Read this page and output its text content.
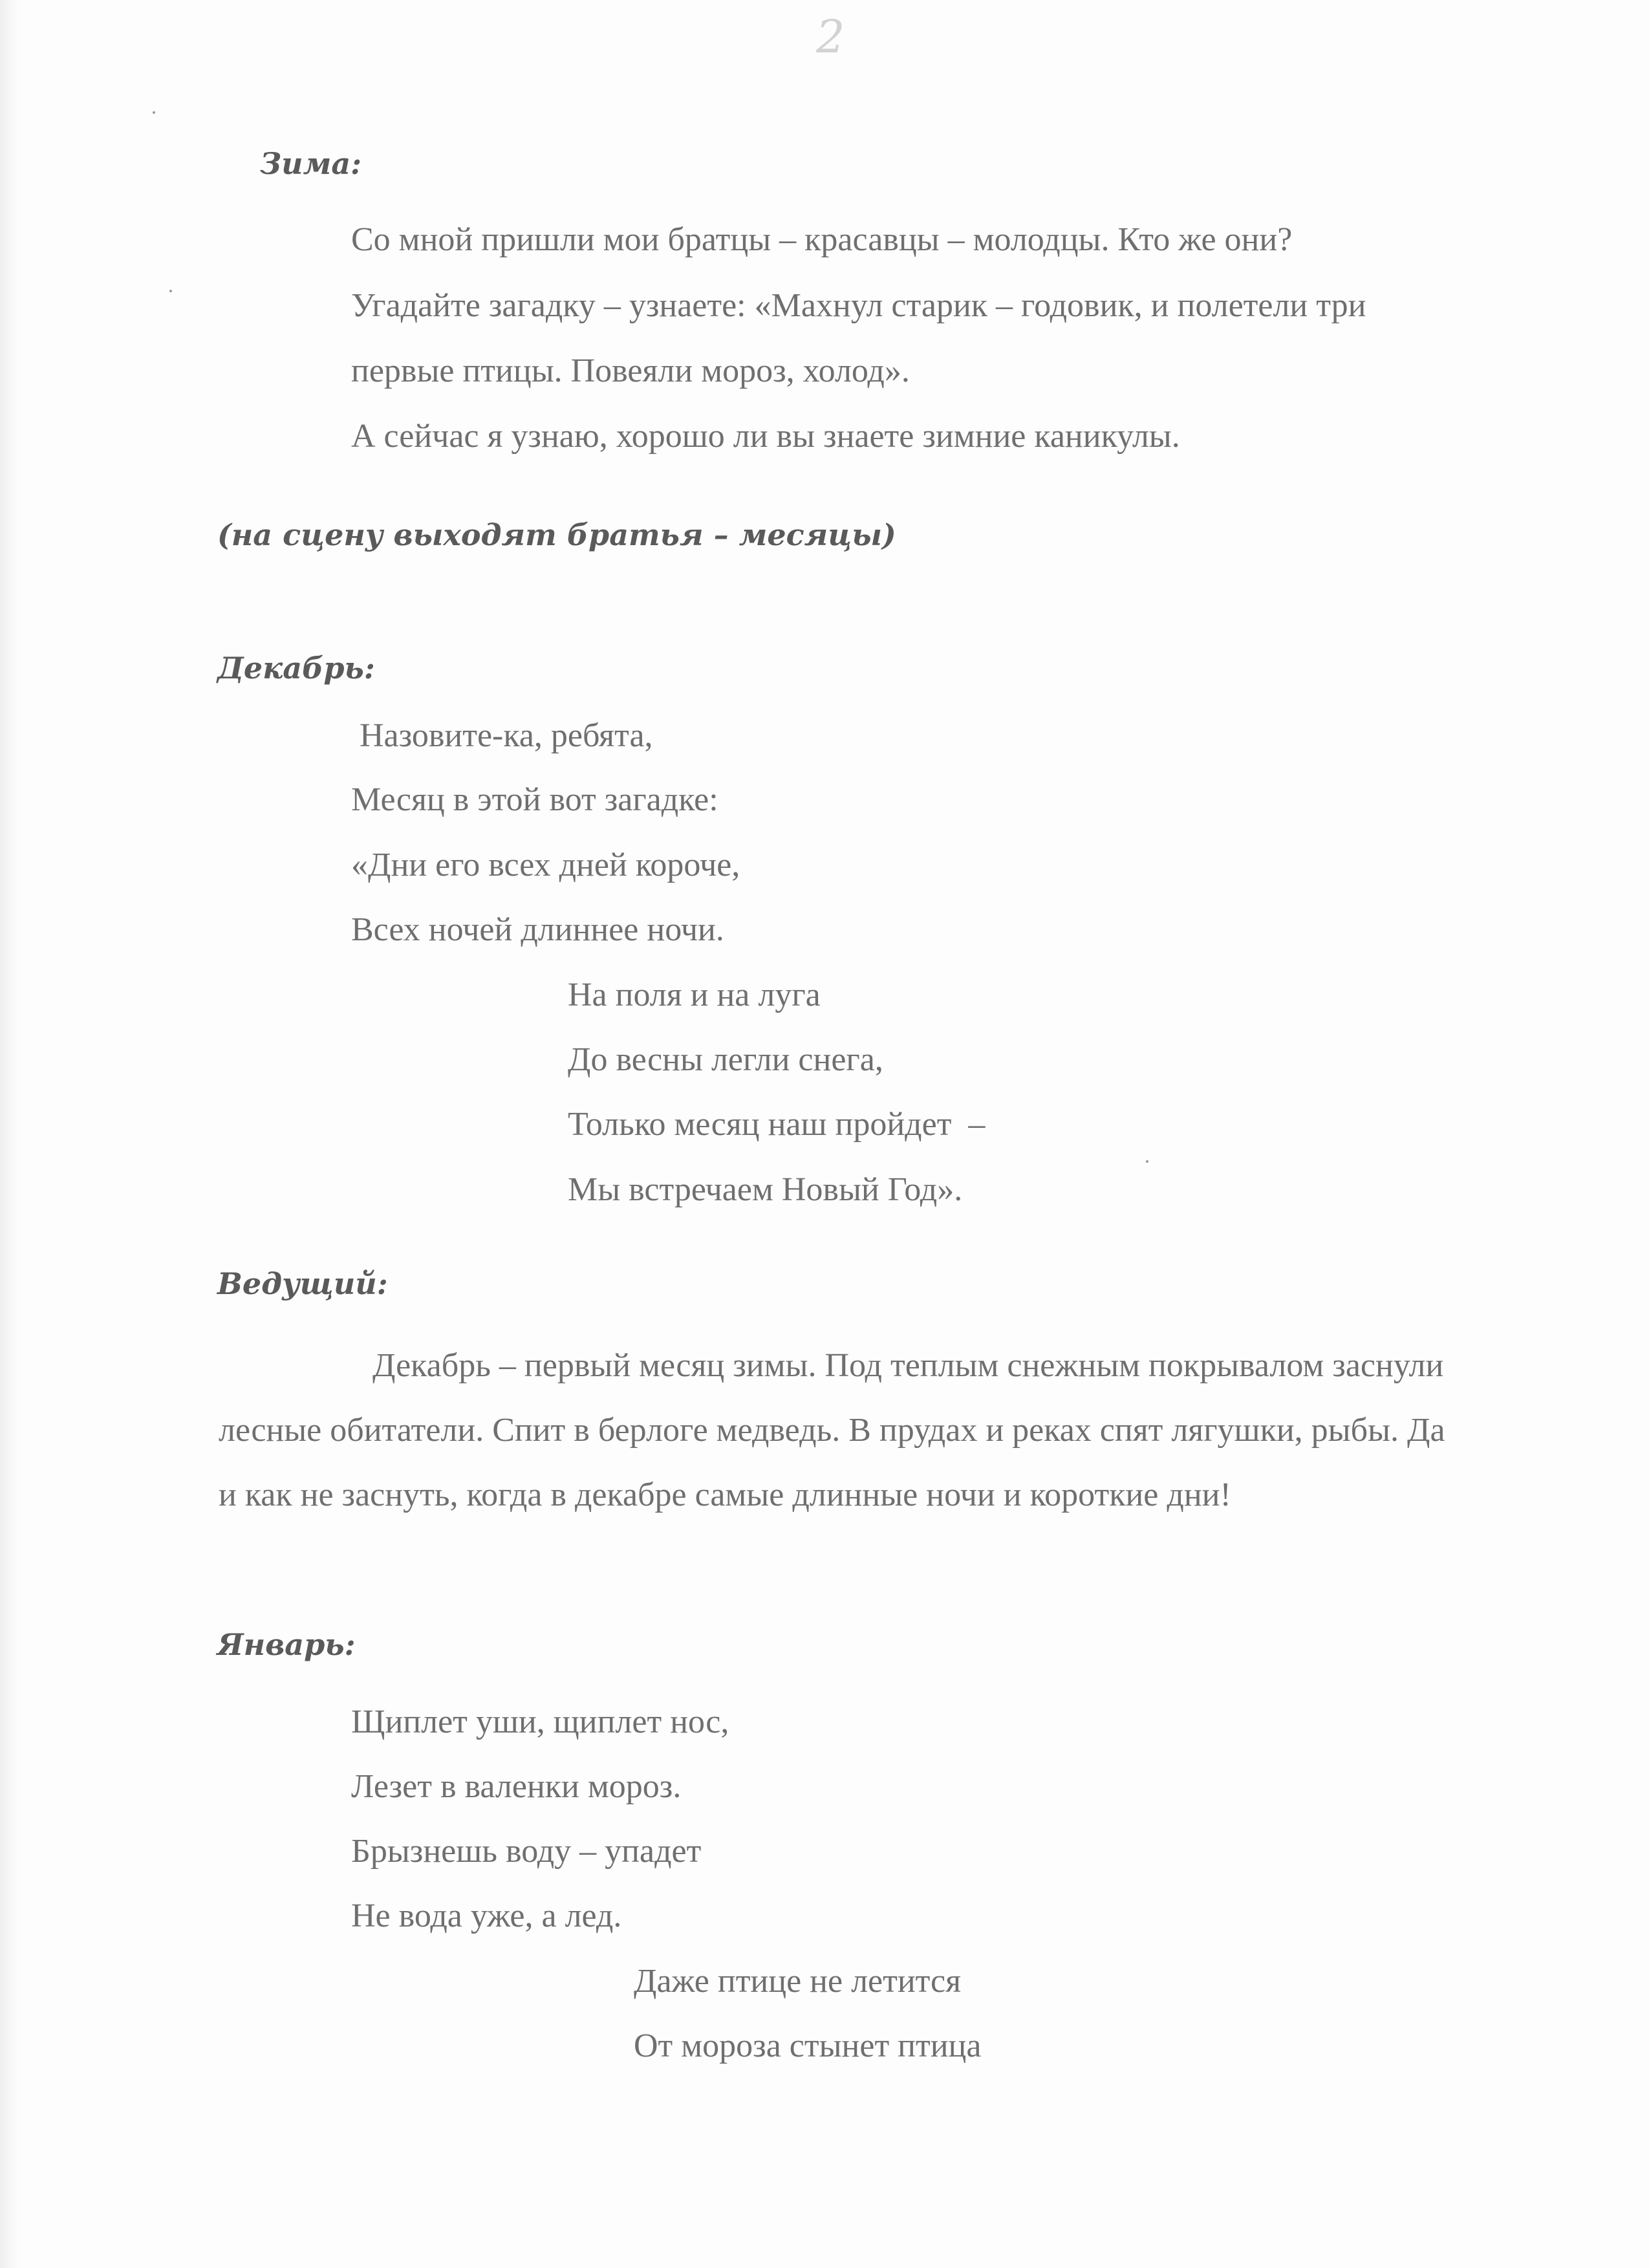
2

Зима:

Со мной пришли мои братцы – красавцы – молодцы. Кто же они?

Угадайте загадку – узнаете: «Махнул старик – годовик, и полетели три

первые птицы. Повеяли мороз, холод».

А сейчас я узнаю, хорошо ли вы знаете зимние каникулы.

(на сцену выходят братья – месяцы)

Декабрь:

Назовите-ка, ребята,

Месяц в этой вот загадке:

«Дни его всех дней короче,

Всех ночей длиннее ночи.

На поля и на луга

До весны легли снега,

Только месяц наш пройдет  –

Мы встречаем Новый Год».

Ведущий:

Декабрь – первый месяц зимы. Под теплым снежным покрывалом заснули лесные обитатели. Спит в берлоге медведь. В прудах и реках спят лягушки, рыбы. Да и как не заснуть, когда в декабре самые длинные ночи и короткие дни!

Январь:

Щиплет уши, щиплет нос,

Лезет в валенки мороз.

Брызнешь воду – упадет

Не вода уже, а лед.

Даже птице не летится

От мороза стынет птица
